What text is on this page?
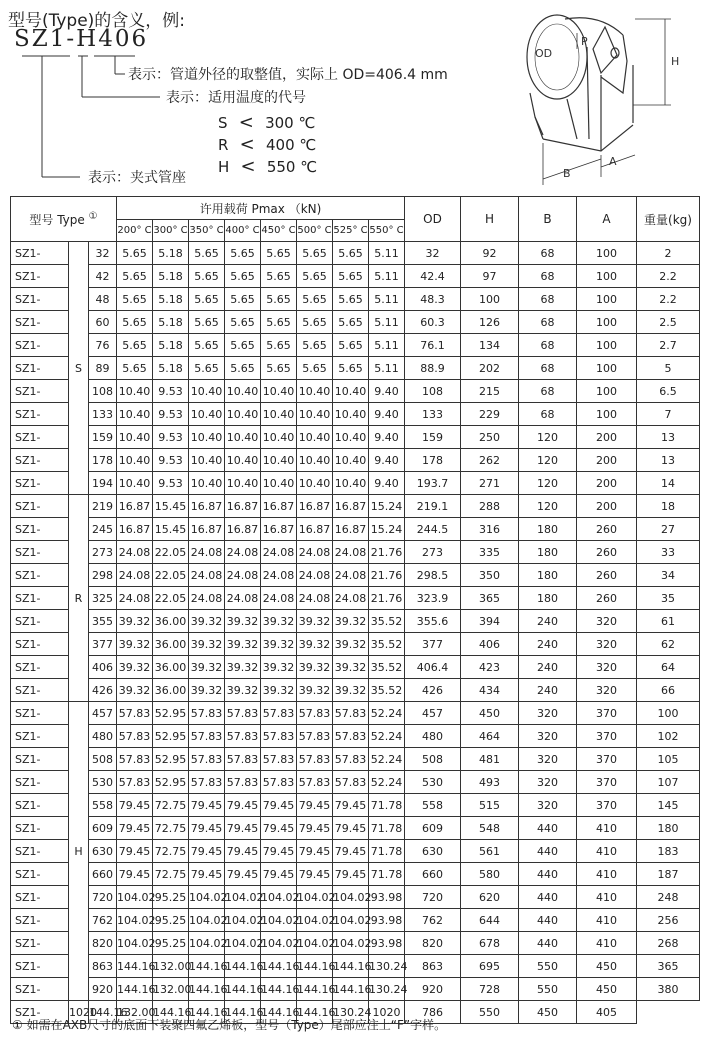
型号(Type)的含义，例:
SZ1-H406
表示：管道外径的取整值，实际上 OD=406.4 mm
表示：适用温度的代号
表示：夹式管座
S < 300 ℃
R < 400 ℃
H < 550 ℃
OD
P
H
B
A
型号 Type ①			许用载荷 Pmax （kN)								OD	H	B	A	重量(kg)
			200° C	300° C	350° C	400° C	450° C	500° C	525° C	550° C					
SZ1-	S	32	5.65	5.18	5.65	5.65	5.65	5.65	5.65	5.11	32	92	68	100	2
SZ1-		42	5.65	5.18	5.65	5.65	5.65	5.65	5.65	5.11	42.4	97	68	100	2.2
SZ1-		48	5.65	5.18	5.65	5.65	5.65	5.65	5.65	5.11	48.3	100	68	100	2.2
SZ1-		60	5.65	5.18	5.65	5.65	5.65	5.65	5.65	5.11	60.3	126	68	100	2.5
SZ1-		76	5.65	5.18	5.65	5.65	5.65	5.65	5.65	5.11	76.1	134	68	100	2.7
SZ1-		89	5.65	5.18	5.65	5.65	5.65	5.65	5.65	5.11	88.9	202	68	100	5
SZ1-		108	10.40	9.53	10.40	10.40	10.40	10.40	10.40	9.40	108	215	68	100	6.5
SZ1-		133	10.40	9.53	10.40	10.40	10.40	10.40	10.40	9.40	133	229	68	100	7
SZ1-		159	10.40	9.53	10.40	10.40	10.40	10.40	10.40	9.40	159	250	120	200	13
SZ1-		178	10.40	9.53	10.40	10.40	10.40	10.40	10.40	9.40	178	262	120	200	13
SZ1-		194	10.40	9.53	10.40	10.40	10.40	10.40	10.40	9.40	193.7	271	120	200	14
SZ1-	R	219	16.87	15.45	16.87	16.87	16.87	16.87	16.87	15.24	219.1	288	120	200	18
SZ1-		245	16.87	15.45	16.87	16.87	16.87	16.87	16.87	15.24	244.5	316	180	260	27
SZ1-		273	24.08	22.05	24.08	24.08	24.08	24.08	24.08	21.76	273	335	180	260	33
SZ1-		298	24.08	22.05	24.08	24.08	24.08	24.08	24.08	21.76	298.5	350	180	260	34
SZ1-		325	24.08	22.05	24.08	24.08	24.08	24.08	24.08	21.76	323.9	365	180	260	35
SZ1-		355	39.32	36.00	39.32	39.32	39.32	39.32	39.32	35.52	355.6	394	240	320	61
SZ1-		377	39.32	36.00	39.32	39.32	39.32	39.32	39.32	35.52	377	406	240	320	62
SZ1-		406	39.32	36.00	39.32	39.32	39.32	39.32	39.32	35.52	406.4	423	240	320	64
SZ1-		426	39.32	36.00	39.32	39.32	39.32	39.32	39.32	35.52	426	434	240	320	66
SZ1-	H	457	57.83	52.95	57.83	57.83	57.83	57.83	57.83	52.24	457	450	320	370	100
SZ1-		480	57.83	52.95	57.83	57.83	57.83	57.83	57.83	52.24	480	464	320	370	102
SZ1-		508	57.83	52.95	57.83	57.83	57.83	57.83	57.83	52.24	508	481	320	370	105
SZ1-		530	57.83	52.95	57.83	57.83	57.83	57.83	57.83	52.24	530	493	320	370	107
SZ1-		558	79.45	72.75	79.45	79.45	79.45	79.45	79.45	71.78	558	515	320	370	145
SZ1-		609	79.45	72.75	79.45	79.45	79.45	79.45	79.45	71.78	609	548	440	410	180
SZ1-		630	79.45	72.75	79.45	79.45	79.45	79.45	79.45	71.78	630	561	440	410	183
SZ1-		660	79.45	72.75	79.45	79.45	79.45	79.45	79.45	71.78	660	580	440	410	187
SZ1-		720	104.02	95.25	104.02	104.02	104.02	104.02	104.02	93.98	720	620	440	410	248
SZ1-		762	104.02	95.25	104.02	104.02	104.02	104.02	104.02	93.98	762	644	440	410	256
SZ1-		820	104.02	95.25	104.02	104.02	104.02	104.02	104.02	93.98	820	678	440	410	268
SZ1-		863	144.16	132.00	144.16	144.16	144.16	144.16	144.16	130.24	863	695	550	450	365
SZ1-		920	144.16	132.00	144.16	144.16	144.16	144.16	144.16	130.24	920	728	550	450	380
SZ1-	1020	144.16	132.00	144.16	144.16	144.16	144.16	144.16	130.24	1020	786	550	450	405	
① 如需在AXB尺寸的底面下装聚四氟乙烯板，型号（Type）尾部应注上“F”字样。
